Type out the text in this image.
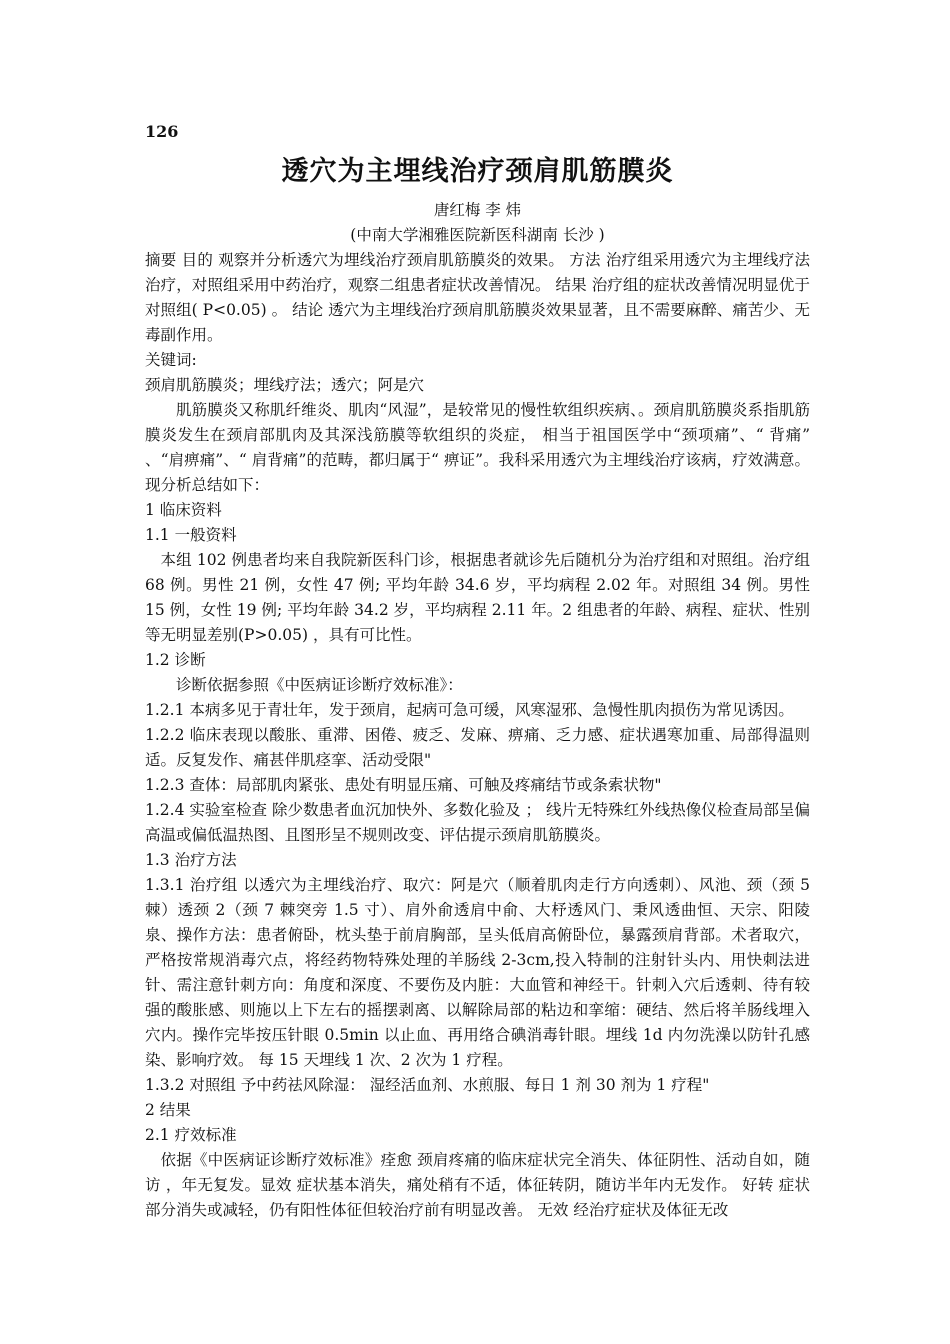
126
透穴为主埋线治疗颈肩肌筋膜炎
唐红梅 李 炜
(中南大学湘雅医院新医科湖南 长沙 )

摘要 目的 观察并分析透穴为埋线治疗颈肩肌筋膜炎的效果。 方法 治疗组采用透穴为主埋线疗法治疗，对照组采用中药治疗，观察二组患者症状改善情况。 结果 治疗组的症状改善情况明显优于对照组( P<0.05) 。 结论 透穴为主埋线治疗颈肩肌筋膜炎效果显著，且不需要麻醉、痛苦少、无毒副作用。

关键词:

颈肩肌筋膜炎；埋线疗法；透穴；阿是穴

肌筋膜炎又称肌纤维炎、肌肉“风湿”，是较常见的慢性软组织疾病、。颈肩肌筋膜炎系指肌筋膜炎发生在颈肩部肌肉及其深浅筋膜等软组织的炎症， 相当于祖国医学中“颈项痛”、“ 背痛” 、“肩痹痛”、“ 肩背痛”的范畴，都归属于“ 痹证”。我科采用透穴为主埋线治疗该病，疗效满意。 现分析总结如下：

1 临床资料

1.1 一般资料

本组 102 例患者均来自我院新医科门诊，根据患者就诊先后随机分为治疗组和对照组。治疗组 68 例。男性 21 例，女性 47 例; 平均年龄 34.6 岁，平均病程 2.02 年。对照组 34 例。男性 15 例，女性 19 例; 平均年龄 34.2 岁，平均病程 2.11 年。2 组患者的年龄、病程、症状、性别等无明显差别(P>0.05) ，具有可比性。

1.2 诊断

诊断依据参照《中医病证诊断疗效标准》：

1.2.1 本病多见于青壮年，发于颈肩，起病可急可缓，风寒湿邪、急慢性肌肉损伤为常见诱因。

1.2.2 临床表现以酸胀、重滞、困倦、疲乏、发麻、痹痛、乏力感、症状遇寒加重、局部得温则适。反复发作、痛甚伴肌痉挛、活动受限"

1.2.3 查体：局部肌肉紧张、患处有明显压痛、可触及疼痛结节或条索状物"

1.2.4 实验室检查 除少数患者血沉加快外、多数化验及 ； 线片无特殊红外线热像仪检查局部呈偏高温或偏低温热图、且图形呈不规则改变、评估提示颈肩肌筋膜炎。

1.3 治疗方法

1.3.1 治疗组 以透穴为主埋线治疗、取穴：阿是穴（顺着肌肉走行方向透刺）、风池、颈（颈 5 棘）透颈 2（颈 7 棘突旁 1.5 寸）、肩外俞透肩中俞、大杼透风门、秉风透曲恒、天宗、阳陵泉、操作方法：患者俯卧，枕头垫于前肩胸部，呈头低肩高俯卧位，暴露颈肩背部。术者取穴，严格按常规消毒穴点，将经药物特殊处理的羊肠线 2-3cm,投入特制的注射针头内、用快刺法进针、需注意针刺方向：角度和深度、不要伤及内脏：大血管和神经干。针刺入穴后透刺、待有较强的酸胀感、则施以上下左右的摇摆剥离、以解除局部的粘边和挛缩：硬结、然后将羊肠线埋入穴内。操作完毕按压针眼 0.5min 以止血、再用络合碘消毒针眼。埋线 1d 内勿洗澡以防针孔感染、影响疗效。 每 15 天埋线 1 次、2 次为 1 疗程。

1.3.2 对照组 予中药祛风除湿： 湿经活血剂、水煎服、每日 1 剂 30 剂为 1 疗程"

2 结果

2.1 疗效标准

依据《中医病证诊断疗效标准》痊愈 颈肩疼痛的临床症状完全消失、体征阴性、活动自如，随访 ，年无复发。显效 症状基本消失，痛处稍有不适，体征转阴，随访半年内无发作。 好转 症状部分消失或减轻，仍有阳性体征但较治疗前有明显改善。 无效 经治疗症状及体征无改
